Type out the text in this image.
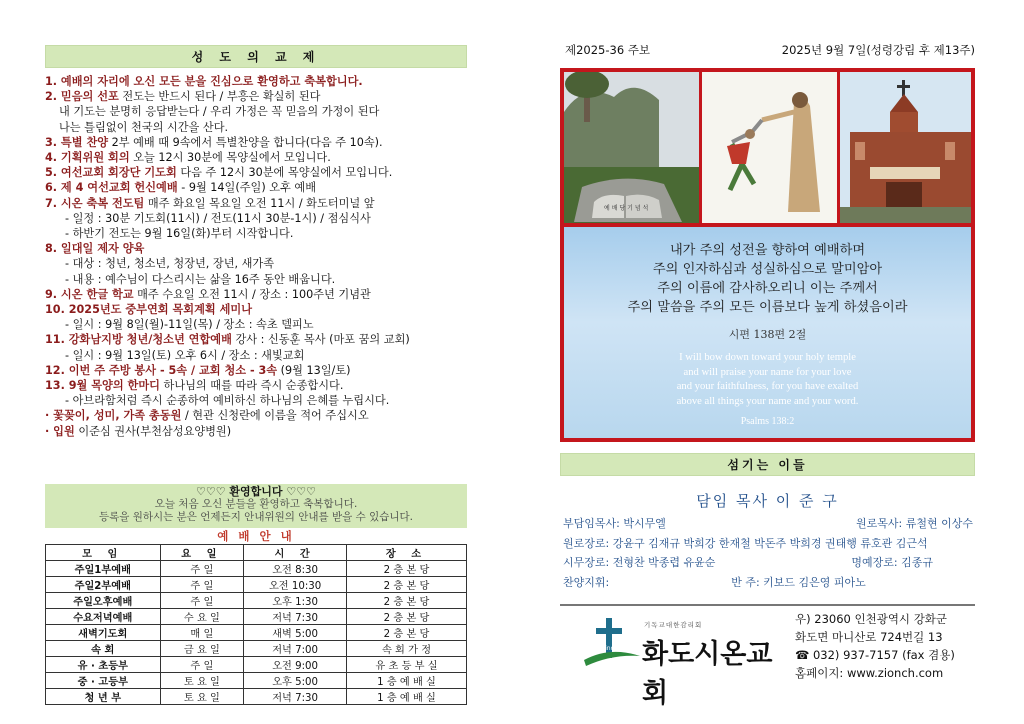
성 도 의 교 제
1. 예배의 자리에 오신 모든 분을 진심으로 환영하고 축복합니다.
2. 믿음의 선포 전도는 반드시 된다 / 부흥은 확실히 된다
내 기도는 분명히 응답받는다 / 우리 가정은 꼭 믿음의 가정이 된다
나는 틀림없이 천국의 시간을 산다.
3. 특별 찬양 2부 예배 때 9속에서 특별찬양을 합니다(다음 주 10속).
4. 기획위원 회의 오늘 12시 30분에 목양실에서 모입니다.
5. 여선교회 회장단 기도회 다음 주 12시 30분에 목양실에서 모입니다.
6. 제 4 여선교회 헌신예배 - 9월 14일(주일) 오후 예배
7. 시온 축복 전도팀 매주 화요일 목요일 오전 11시 / 화도터미널 앞
- 일정 : 30분 기도회(11시) / 전도(11시 30분-1시) / 점심식사
- 하반기 전도는 9월 16일(화)부터 시작합니다.
8. 일대일 제자 양육
- 대상 : 청년, 청소년, 청장년, 장년, 새가족
- 내용 : 예수님이 다스리시는 삶을 16주 동안 배웁니다.
9. 시온 한글 학교 매주 수요일 오전 11시 / 장소 : 100주년 기념관
10. 2025년도 중부연회 목회계획 세미나
- 일시 : 9월 8일(월)-11일(목) / 장소 : 속초 델피노
11. 강화남지방 청년/청소년 연합예배 강사 : 신동훈 목사 (마포 꿈의 교회)
- 일시 : 9월 13일(토) 오후 6시 / 장소 : 새빛교회
12. 이번 주 주방 봉사 - 5속 / 교회 청소 - 3속 (9월 13일/토)
13. 9월 목양의 한마디 하나님의 때를 따라 즉시 순종합시다.
- 아브라함처럼 즉시 순종하여 예비하신 하나님의 은혜를 누립시다.
· 꽃꽂이, 성미, 가족 총동원 / 현관 신청란에 이름을 적어 주십시오
· 입원 이준심 권사(부천삼성요양병원)
♡♡♡ 환영합니다 ♡♡♡
오늘 처음 오신 분들을 환영하고 축복합니다.
등록을 원하시는 분은 언제든지 안내위원의 안내를 받을 수 있습니다.
예 배 안 내
모 임	요 일	시 간	장 소
주일1부예배	주 일	오전 8:30	2 층 본 당
주일2부예배	주 일	오전 10:30	2 층 본 당
주일오후예배	주 일	오후 1:30	2 층 본 당
수요저녁예배	수 요 일	저녁 7:30	2 층 본 당
새벽기도회	매 일	새벽 5:00	2 층 본 당
속 회	금 요 일	저녁 7:00	속 회 가 정
유 · 초등부	주 일	오전 9:00	유 초 등 부 실
중 · 고등부	토 요 일	오후 5:00	1 층 예 배 실
청 년 부	토 요 일	저녁 7:30	1 층 예 배 실
제2025-36 주보	2025년 9월 7일(성령강림 후 제13주)
예 배 당 기 념 석
내가 주의 성전을 향하여 예배하며
주의 인자하심과 성실하심으로 말미암아
주의 이름에 감사하오리니 이는 주께서
주의 말씀을 주의 모든 이름보다 높게 하셨음이라
시편 138편 2절
I will bow down toward your holy temple
and will praise your name for your love
and your faithfulness, for you have exalted
above all things your name and your word.
Psalms 138:2
섬기는 이들
담임 목사 이 준 구
부담임목사: 박시무엘	원로목사: 류철현 이상수
원로장로: 강윤구 김재규 박희강 한재철 박돈주 박희경 권태행 류호관 김근석
시무장로: 전형찬 박종렵 유윤순	명예장로: 김종규
찬양지휘:	반 주: 키보드 김은영 피아노
since 1905
기독교대한감리회
화도시온교회
우) 23060 인천광역시 강화군
화도면 마니산로 724번길 13
☎ 032) 937-7157 (fax 겸용)
홈페이지: www.zionch.com
